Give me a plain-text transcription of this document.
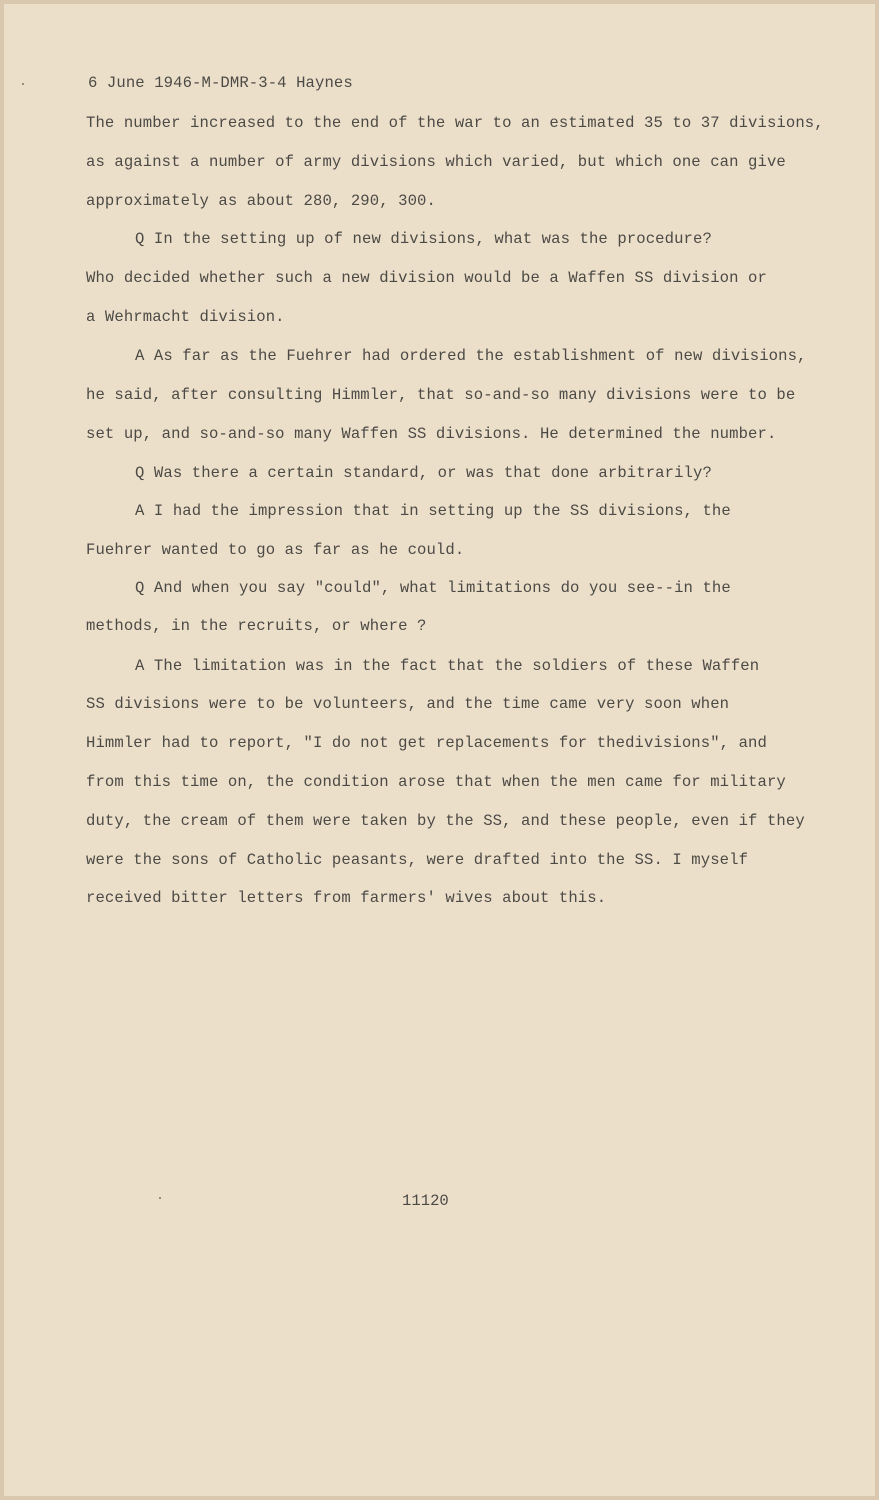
6 June 1946-M-DMR-3-4 Haynes
The number increased to the end of the war to an estimated 35 to 37 divisions,
as against a number of army divisions which varied, but which one can give
approximately as about 280, 290, 300.
Q In the setting up of new divisions, what was the procedure?
Who decided whether such a new division would be a Waffen SS division or
a Wehrmacht division.
A As far as the Fuehrer had ordered the establishment of new divisions,
he said, after consulting Himmler, that so-and-so many divisions were to be
set up, and so-and-so many Waffen SS divisions. He determined the number.
Q Was there a certain standard, or was that done arbitrarily?
A I had the impression that in setting up the SS divisions, the
Fuehrer wanted to go as far as he could.
Q And when you say "could", what limitations do you see--in the
methods, in the recruits, or where ?
A The limitation was in the fact that the soldiers of these Waffen
SS divisions were to be volunteers, and the time came very soon when
Himmler had to report, "I do not get replacements for thedivisions", and
from this time on, the condition arose that when the men came for military
duty, the cream of them were taken by the SS, and these people, even if they
were the sons of Catholic peasants, were drafted into the SS. I myself
received bitter letters from farmers' wives about this.
11120
